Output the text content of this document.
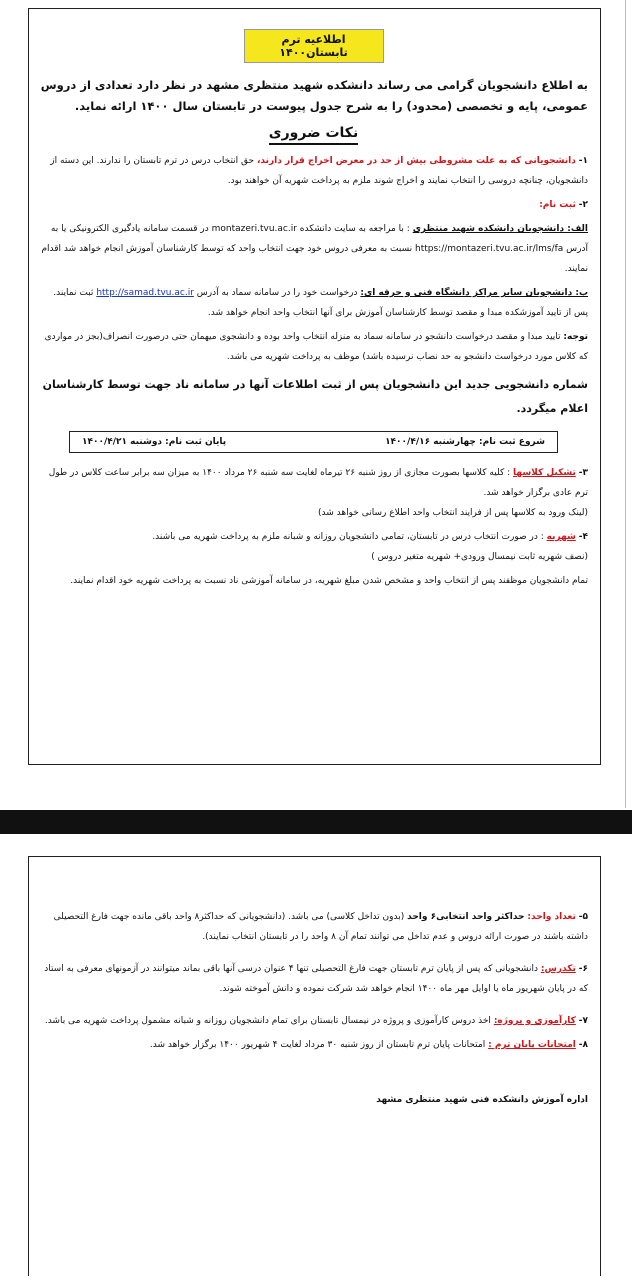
اطلاعیه ترم تابستان۱۴۰۰

به اطلاع دانشجویان گرامی می رساند دانشکده شهید منتظری مشهد در نظر دارد تعدادی از دروس عمومی، پایه و تخصصی (محدود) را به شرح جدول پیوست در تابستان سال ۱۴۰۰ ارائه نماید.

نکات ضروری

۱- دانشجویانی که به علت مشروطی بیش از حد در معرض اخراج قرار دارند، حق انتخاب درس در ترم تابستان را ندارند. این دسته از دانشجویان، چنانچه دروسی را انتخاب نمایند و اخراج شوند ملزم به پرداخت شهریه آن خواهند بود.

۲- ثبت نام:

الف: دانشجویان دانشکده شهید منتظری : با مراجعه به سایت دانشکده montazeri.tvu.ac.ir در قسمت سامانه یادگیری الکترونیکی یا به آدرس https://montazeri.tvu.ac.ir/lms/fa نسبت به معرفی دروس خود جهت انتخاب واحد که توسط کارشناسان آموزش انجام خواهد شد اقدام نمایند.

ب: دانشجویان سایر مراکز دانشگاه فنی و حرفه ای: درخواست خود را در سامانه سماد به آدرس http://samad.tvu.ac.ir ثبت نمایند. پس از تایید آموزشکده مبدا و مقصد توسط کارشناسان آموزش برای آنها انتخاب واحد انجام خواهد شد.

توجه: تایید مبدا و مقصد درخواست دانشجو در سامانه سماد به منزله انتخاب واحد بوده و دانشجوی میهمان حتی درصورت انصراف(بجز در مواردی که کلاس مورد درخواست دانشجو به حد نصاب نرسیده باشد) موظف به پرداخت شهریه می باشد.

شماره دانشجویی جدید این دانشجویان پس از ثبت اطلاعات آنها در سامانه ناد جهت توسط کارشناسان اعلام میگردد.

شروع ثبت نام: چهارشنبه ۱۴۰۰/۴/۱۶
پایان ثبت نام: دوشنبه ۱۴۰۰/۴/۲۱

۳- تشکیل کلاسها : کلیه کلاسها بصورت مجازی از روز شنبه ۲۶ تیرماه لغایت سه شنبه ۲۶ مرداد ۱۴۰۰ به میزان سه برابر ساعت کلاس در طول ترم عادی برگزار خواهد شد.
(لینک ورود به کلاسها پس از فرایند انتخاب واحد اطلاع رسانی خواهد شد)

۴- شهریه : در صورت انتخاب درس در تابستان، تمامی دانشجویان روزانه و شبانه ملزم به پرداخت شهریه می باشند.
(نصف شهریه ثابت نیمسال ورودی+ شهریه متغیر دروس )

تمام دانشجویان موظفند پس از انتخاب واحد و مشخص شدن مبلغ شهریه، در سامانه آموزشی ناد نسبت به پرداخت شهریه خود اقدام نمایند.

۵- تعداد واحد: حداکثر واحد انتخابی۶ واحد (بدون تداخل کلاسی) می باشد. (دانشجویانی که حداکثر۸ واحد باقی مانده جهت فارغ التحصیلی داشته باشند در صورت ارائه دروس و عدم تداخل می توانند تمام آن ۸ واحد را در تابستان انتخاب نمایند).

۶- تکدرس: دانشجویانی که پس از پایان ترم تابستان جهت فارغ التحصیلی تنها ۴ عنوان درسی آنها باقی بماند میتوانند در آزمونهای معرفی به استاد که در پایان شهریور ماه یا اوایل مهر ماه ۱۴۰۰ انجام خواهد شد شرکت نموده و دانش آموخته شوند.

۷- کارآموزی و پروژه: اخذ دروس کارآموزی و پروژه در نیمسال تابستان برای تمام دانشجویان روزانه و شبانه مشمول پرداخت شهریه می باشد.

۸- امتحانات پایان ترم : امتحانات پایان ترم تابستان از روز شنبه ۳۰ مرداد لغایت ۴ شهریور ۱۴۰۰ برگزار خواهد شد.

اداره آموزش دانشکده فنی شهید منتظری مشهد
